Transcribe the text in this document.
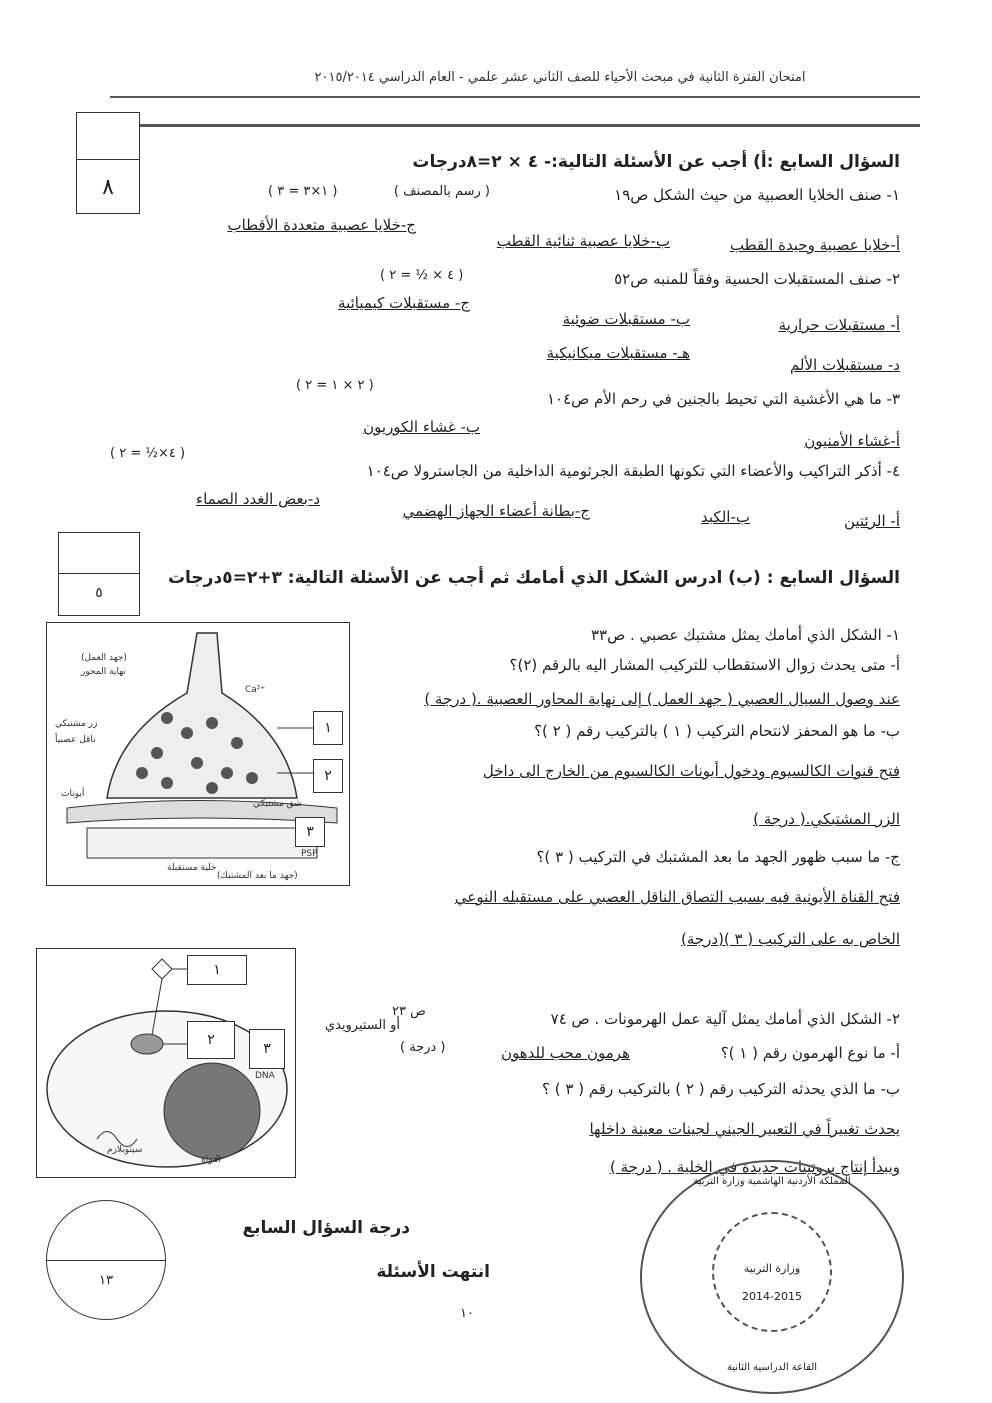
امتحان الفترة الثانية في مبحث الأحياء للصف الثاني عشر علمي - العام الدراسي ٢٠١٥/٢٠١٤
٨
السؤال السابع :أ) أجب عن الأسئلة التالية:- ٤ × ٢=٨درجات
١- صنف الخلايا العصبية من حيث الشكل ص١٩
( ١×٣ = ٣ )	( رسم بالمصنف )
أ-خلايا عصبية وحيدة القطب
ب-خلايا عصبية ثنائية القطب
ج-خلايا عصبية متعددة الأقطاب
٢- صنف المستقبلات الحسية وفقاً للمنبه ص٥٢
( ٤ × ½ = ٢ )
أ- مستقبلات حرارية
ب- مستقبلات ضوئية
ج- مستقبلات كيميائية
د- مستقبلات الألم
هـ- مستقبلات ميكانيكية
٣- ما هي الأغشية التي تحيط بالجنين في رحم الأم ص١٠٤
( ٢ × ١ = ٢ )
أ-غشاء الأمنيون
ب- غشاء الكوريون
٤- أذكر التراكيب والأعضاء التي تكونها الطبقة الجرثومية الداخلية من الجاسترولا ص١٠٤
( ٤×½ = ٢ )
أ- الرئتين
ب-الكبد
ج-بطانة أعضاء الجهاز الهضمي
د-بعض الغدد الصماء
٥
السؤال السابع : (ب) ادرس الشكل الذي أمامك ثم أجب عن الأسئلة التالية: ٣+٢=٥درجات
١
٢
٣
(جهد العمل)
نهاية المحور
زر مشتبكي
ناقل عصبياً
أيونات
شق مشتبكي
خلية مستقبلة
PSP
(جهد ما بعد المشتبك)
Ca²⁺
١- الشكل الذي أمامك يمثل مشتبك عصبي . ص٣٣
أ- متى يحدث زوال الاستقطاب للتركيب المشار اليه بالرقم (٢)؟
عند وصول السيال العصبي ( جهد العمل ) إلى نهاية المحاور العصبية .( درجة )
ب- ما هو المحفز لانتحام التركيب ( ١ ) بالتركيب رقم ( ٢ )؟
فتح قنوات الكالسيوم ودخول أيونات الكالسيوم من الخارج الى داخل
الزر المشتبكي.( درجة )
ج- ما سبب ظهور الجهد ما بعد المشتبك في التركيب ( ٣ )؟
فتح القناة الأيونية فيه بسبب التصاق الناقل العصبي على مستقبله النوعي
الخاص به على التركيب ( ٣ )(درجة)
١
٢
٣
DNA
سيتوبلازم
النواة
٢- الشكل الذي أمامك يمثل آلية عمل الهرمونات . ص ٧٤
ص ٢٣
أ- ما نوع الهرمون رقم ( ١ )؟
هرمون محب للدهون
( درجة )
أو الستيرويدي
ب- ما الذي يحدثه التركيب رقم ( ٢ ) بالتركيب رقم ( ٣ ) ؟
يحدث تغييراً في التعبير الجيني لجينات معينة داخلها
ويبدأ إنتاج بروتينات جديدة في الخلية . ( درجة )
١٣
درجة السؤال السابع
انتهت الأسئلة
١٠
المملكة الأردنية الهاشمية وزارة التربية
وزارة التربية
2014-2015
القاعة الدراسية الثانية
